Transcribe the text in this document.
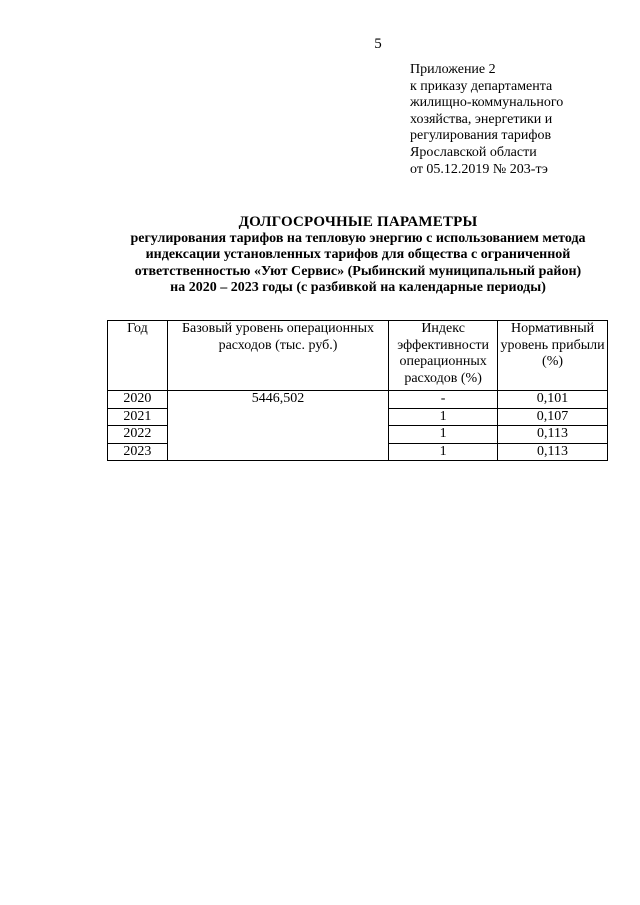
5
Приложение 2
к приказу департамента
жилищно-коммунального
хозяйства, энергетики и
регулирования тарифов
Ярославской области
от 05.12.2019 № 203-тэ
ДОЛГОСРОЧНЫЕ ПАРАМЕТРЫ
регулирования тарифов на тепловую энергию с использованием метода
индексации установленных тарифов для общества с ограниченной
ответственностью «Уют Сервис» (Рыбинский муниципальный район)
на 2020 – 2023 годы (с разбивкой на календарные периоды)
Год	Базовый уровень операционных расходов (тыс. руб.)	Индекс эффективности операционных расходов (%)	Нормативный уровень прибыли (%)
2020	5446,502	-	0,101
2021		1	0,107
2022		1	0,113
2023		1	0,113
